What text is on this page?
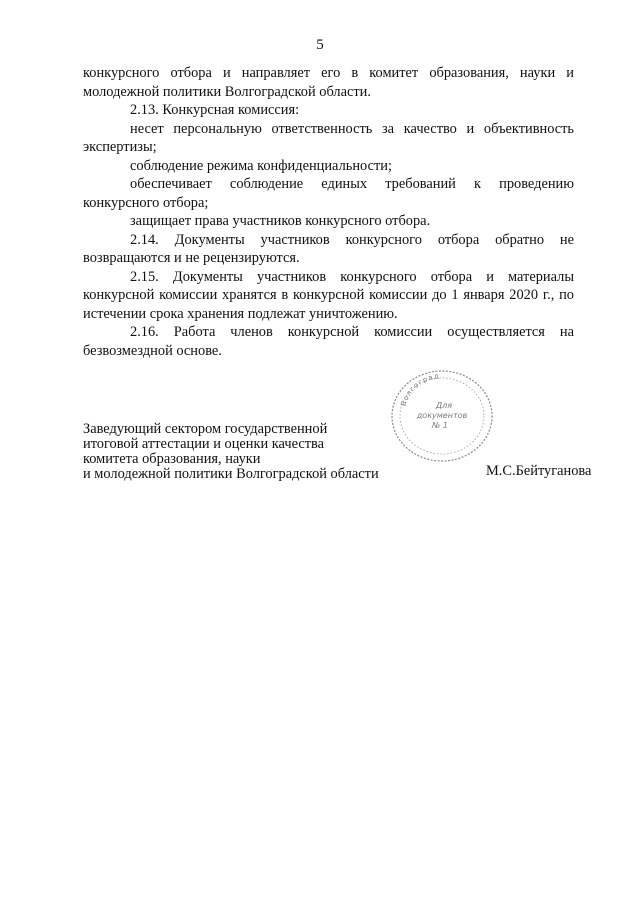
5

конкурсного отбора и направляет его в комитет образования, науки и молодежной политики Волгоградской области.

2.13. Конкурсная комиссия:

несет персональную ответственность за качество и объективность экспертизы;

соблюдение режима конфиденциальности;

обеспечивает соблюдение единых требований к проведению конкурсного отбора;

защищает права участников конкурсного отбора.

2.14. Документы участников конкурсного отбора обратно не возвращаются и не рецензируются.

2.15. Документы участников конкурсного отбора и материалы конкурсной комиссии хранятся в конкурсной комиссии до 1 января 2020 г., по истечении срока хранения подлежат уничтожению.

2.16. Работа членов конкурсной комиссии осуществляется на безвозмездной основе.

Волгоград
Для
документов
№ 1
Заведующий сектором государственной
итоговой аттестации и оценки качества
комитета образования, науки
и молодежной политики Волгоградской области	М.С.Бейтуганова
